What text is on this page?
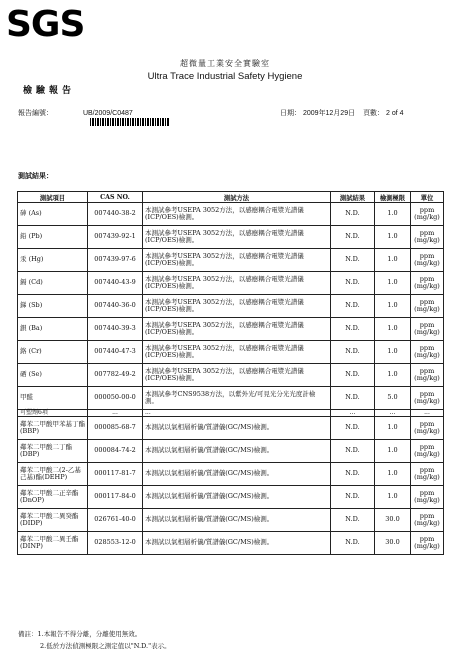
SGS
超微量工業安全實驗室
Ultra Trace Industrial Safety Hygiene
檢驗報告
報告編號：	UB/2009/C0487	日期： 2009年12月29日 頁數： 2 of 4
測試結果：
測試項目	CAS NO.	測試方法	測試結果	檢測極限	單位
砷 (As)	007440-38-2	本測試參考USEPA 3052方法，以感應耦合電漿光譜儀(ICP/OES)檢測。	N.D.	1.0	ppm (mg/kg)
鉛 (Pb)	007439-92-1	本測試參考USEPA 3052方法，以感應耦合電漿光譜儀(ICP/OES)檢測。	N.D.	1.0	ppm (mg/kg)
汞 (Hg)	007439-97-6	本測試參考USEPA 3052方法，以感應耦合電漿光譜儀(ICP/OES)檢測。	N.D.	1.0	ppm (mg/kg)
鎘 (Cd)	007440-43-9	本測試參考USEPA 3052方法，以感應耦合電漿光譜儀(ICP/OES)檢測。	N.D.	1.0	ppm (mg/kg)
銻 (Sb)	007440-36-0	本測試參考USEPA 3052方法，以感應耦合電漿光譜儀(ICP/OES)檢測。	N.D.	1.0	ppm (mg/kg)
鋇 (Ba)	007440-39-3	本測試參考USEPA 3052方法，以感應耦合電漿光譜儀(ICP/OES)檢測。	N.D.	1.0	ppm (mg/kg)
鉻 (Cr)	007440-47-3	本測試參考USEPA 3052方法，以感應耦合電漿光譜儀(ICP/OES)檢測。	N.D.	1.0	ppm (mg/kg)
硒 (Se)	007782-49-2	本測試參考USEPA 3052方法，以感應耦合電漿光譜儀(ICP/OES)檢測。	N.D.	1.0	ppm (mg/kg)
甲醛	000050-00-0	本測試參考CNS9538方法，以紫外光/可見光分光光度計檢測。	N.D.	5.0	ppm (mg/kg)
可塑劑6項	...	...	...	...	...
鄰苯二甲酸甲苯基丁酯(BBP)	000085-68-7	本測試以氣相層析儀/質譜儀(GC/MS)檢測。	N.D.	1.0	ppm (mg/kg)
鄰苯二甲酸二丁酯(DBP)	000084-74-2	本測試以氣相層析儀/質譜儀(GC/MS)檢測。	N.D.	1.0	ppm (mg/kg)
鄰苯二甲酸二(2-乙基己基)酯(DEHP)	000117-81-7	本測試以氣相層析儀/質譜儀(GC/MS)檢測。	N.D.	1.0	ppm (mg/kg)
鄰苯二甲酸二正辛酯(DnOP)	000117-84-0	本測試以氣相層析儀/質譜儀(GC/MS)檢測。	N.D.	1.0	ppm (mg/kg)
鄰苯二甲酸二異癸酯(DIDP)	026761-40-0	本測試以氣相層析儀/質譜儀(GC/MS)檢測。	N.D.	30.0	ppm (mg/kg)
鄰苯二甲酸二異壬酯(DINP)	028553-12-0	本測試以氣相層析儀/質譜儀(GC/MS)檢測。	N.D.	30.0	ppm (mg/kg)
備註：1.本報告不得分離，分離使用無效。
2.低於方法偵測極限之測定值以"N.D."表示。
